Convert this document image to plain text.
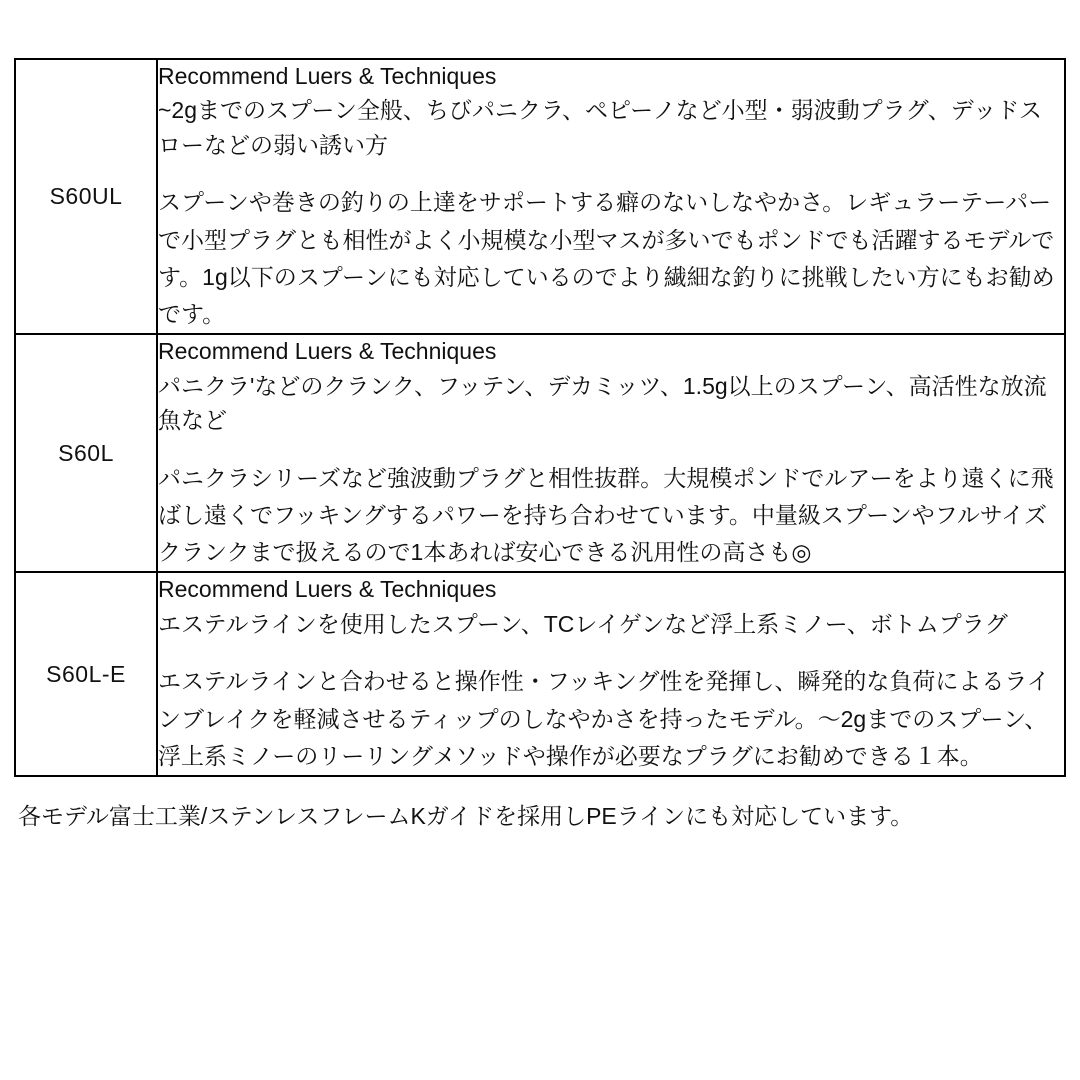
S60UL	Recommend Luers & Techniques

~2gまでのスプーン全般、ちびパニクラ、ペピーノなど小型・弱波動プラグ、デッドスローなどの弱い誘い方

スプーンや巻きの釣りの上達をサポートする癖のないしなやかさ。レギュラーテーパーで小型プラグとも相性がよく小規模な小型マスが多いでもポンドでも活躍するモデルです。1g以下のスプーンにも対応しているのでより繊細な釣りに挑戦したい方にもお勧めです。

S60L	Recommend Luers & Techniques

パニクラ'などのクランク、フッテン、デカミッツ、1.5g以上のスプーン、高活性な放流魚など

パニクラシリーズなど強波動プラグと相性抜群。大規模ポンドでルアーをより遠くに飛ばし遠くでフッキングするパワーを持ち合わせています。中量級スプーンやフルサイズクランクまで扱えるので1本あれば安心できる汎用性の高さも◎

S60L-E	Recommend Luers & Techniques

エステルラインを使用したスプーン、TCレイゲンなど浮上系ミノー、ボトムプラグ

エステルラインと合わせると操作性・フッキング性を発揮し、瞬発的な負荷によるラインブレイクを軽減させるティップのしなやかさを持ったモデル。〜2gまでのスプーン、浮上系ミノーのリーリングメソッドや操作が必要なプラグにお勧めできる１本。

各モデル富士工業/ステンレスフレームKガイドを採用しPEラインにも対応しています。
